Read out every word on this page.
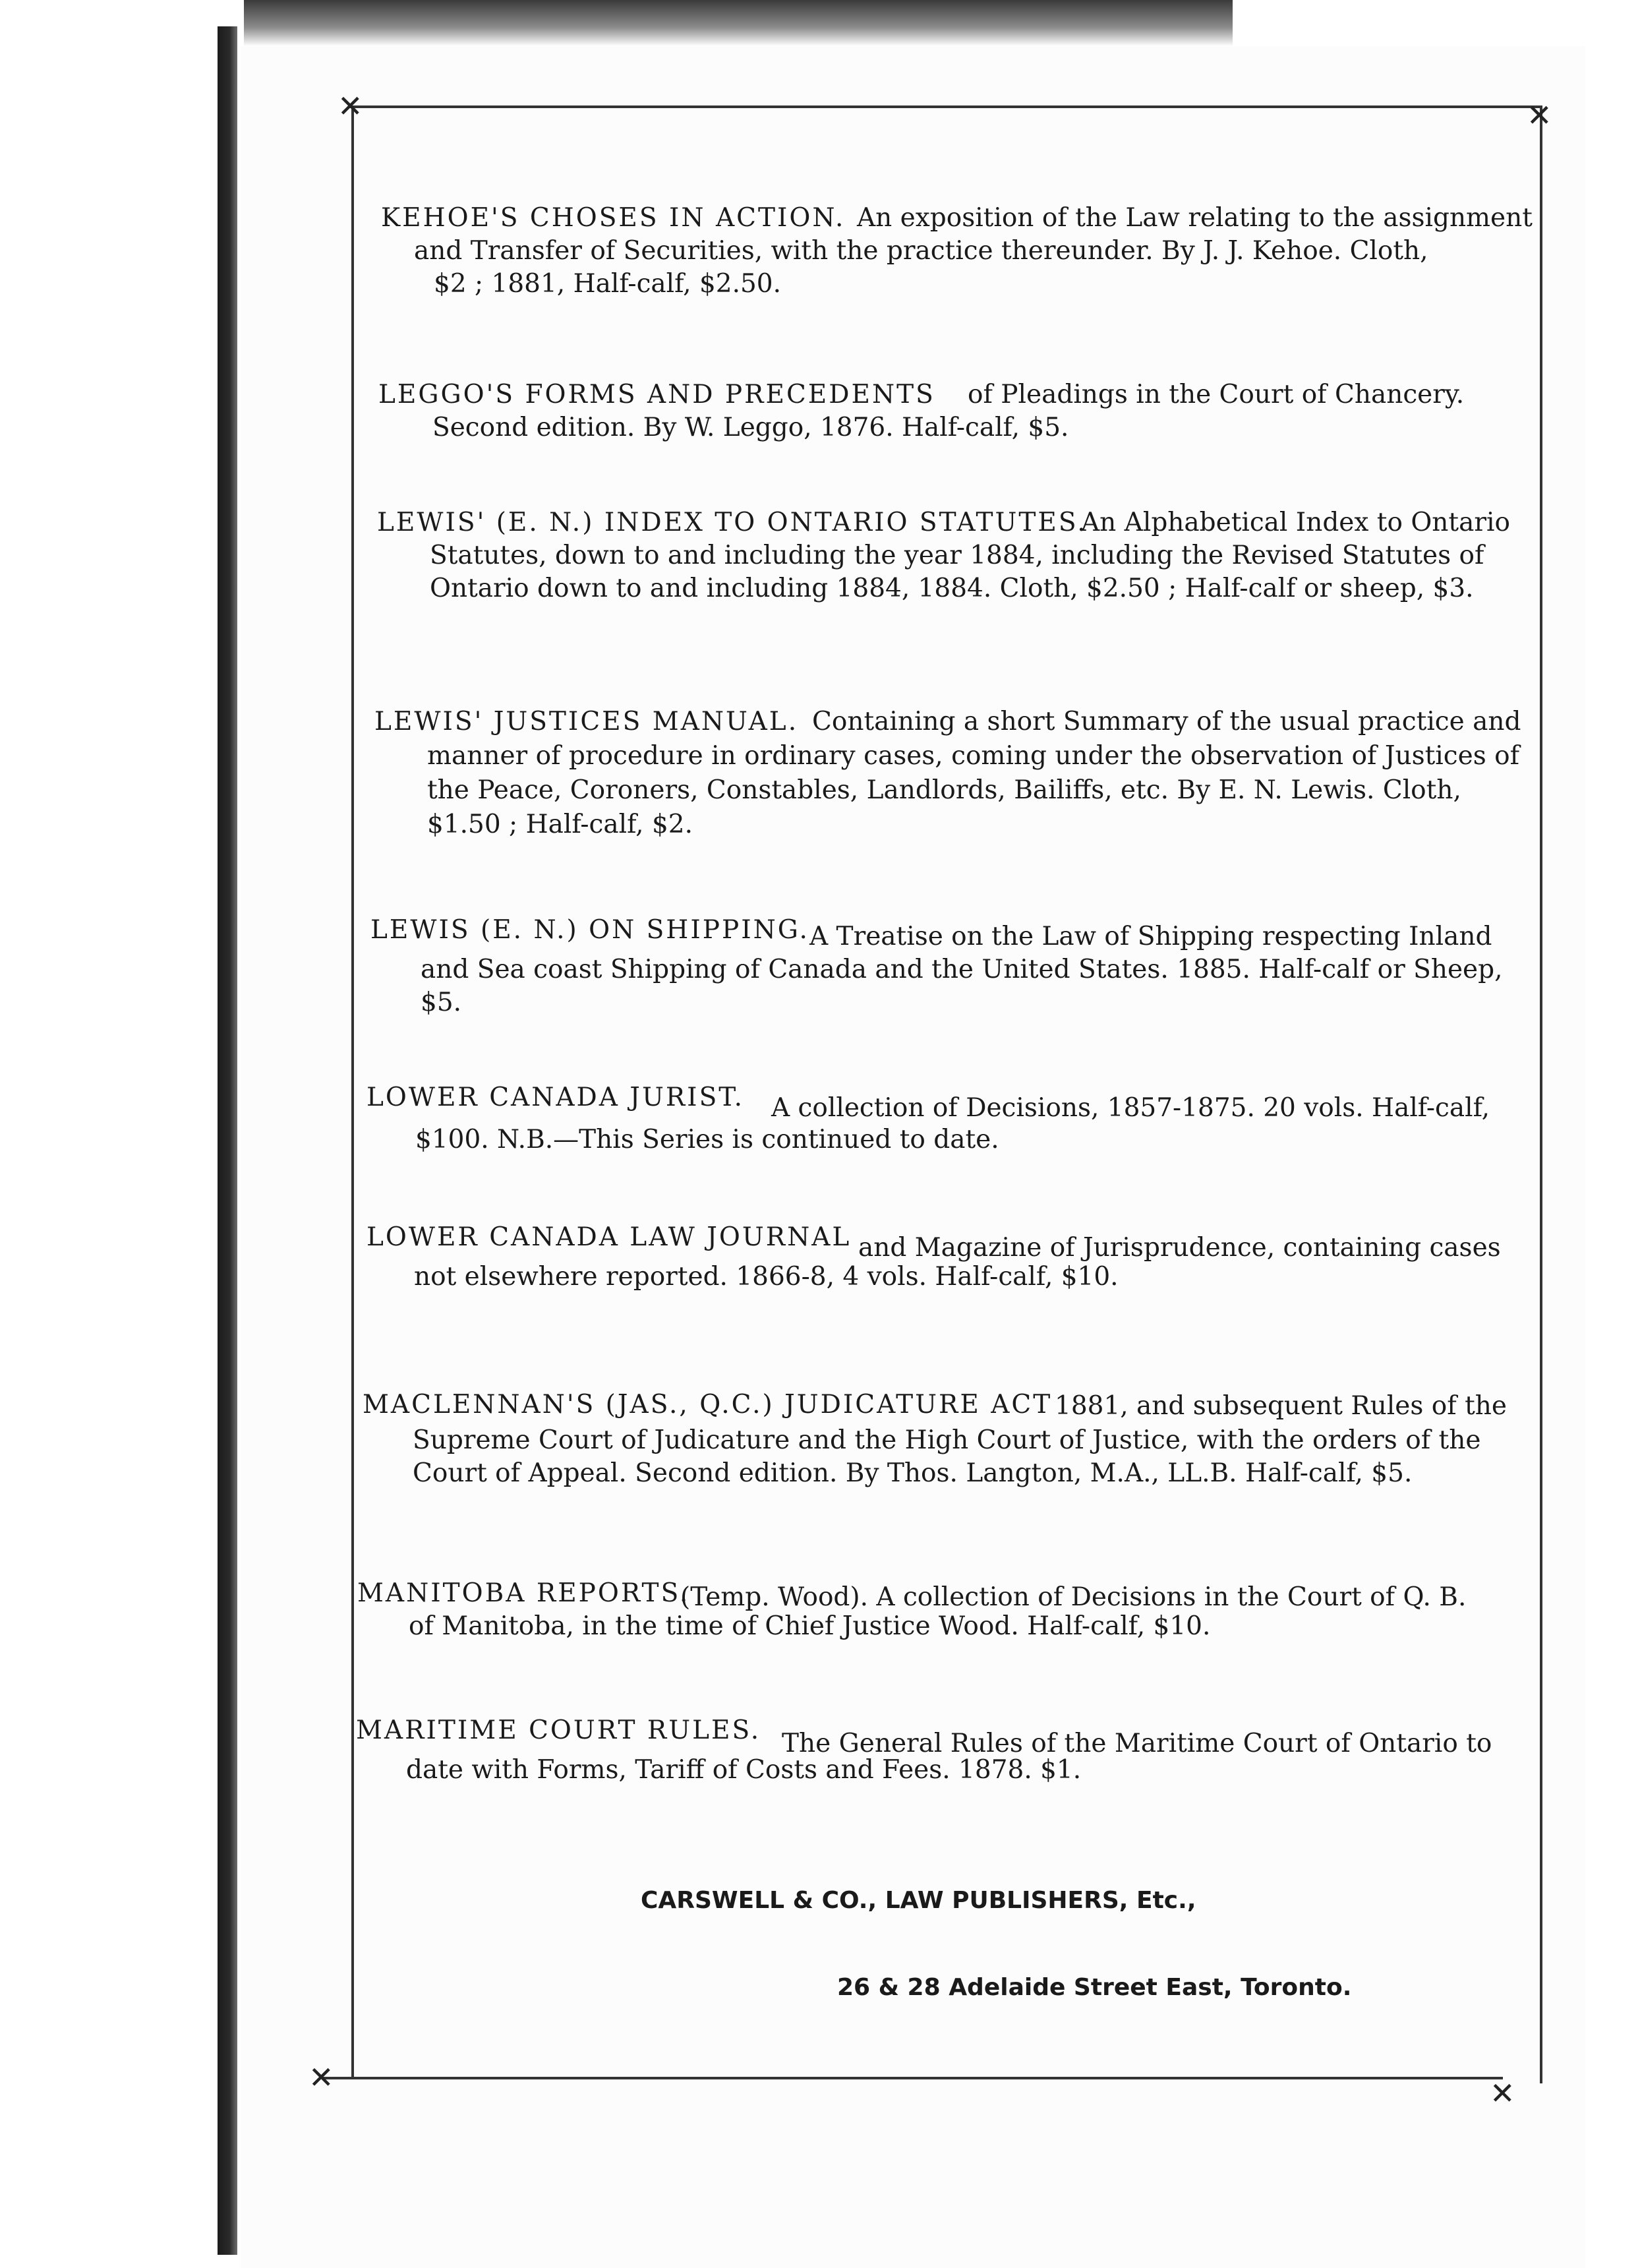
✕	✕
✕	✕
KEHOE'S CHOSES IN ACTION. An exposition of the Law relating to the assignment
and Transfer of Securities, with the practice thereunder. By J. J. Kehoe. Cloth,
$2 ; 1881, Half-calf, $2.50.
LEGGO'S FORMS AND PRECEDENTS of Pleadings in the Court of Chancery.
Second edition. By W. Leggo, 1876. Half-calf, $5.
LEWIS' (E. N.) INDEX TO ONTARIO STATUTES.
An Alphabetical Index to Ontario
Statutes, down to and including the year 1884, including the Revised Statutes of
Ontario down to and including 1884, 1884. Cloth, $2.50 ; Half-calf or sheep, $3.
LEWIS' JUSTICES MANUAL. Containing a short Summary of the usual practice and
manner of procedure in ordinary cases, coming under the observation of Justices of
the Peace, Coroners, Constables, Landlords, Bailiffs, etc. By E. N. Lewis. Cloth,
$1.50 ; Half-calf, $2.
LEWIS (E. N.) ON SHIPPING. A Treatise on the Law of Shipping respecting Inland
and Sea coast Shipping of Canada and the United States. 1885. Half-calf or Sheep,
$5.
LOWER CANADA JURIST. A collection of Decisions, 1857-1875. 20 vols. Half-calf,
$100. N.B.—This Series is continued to date.
LOWER CANADA LAW JOURNAL and Magazine of Jurisprudence, containing cases
not elsewhere reported. 1866-8, 4 vols. Half-calf, $10.
MACLENNAN'S (JAS., Q.C.) JUDICATURE ACT 1881, and subsequent Rules of the
Supreme Court of Judicature and the High Court of Justice, with the orders of the
Court of Appeal. Second edition. By Thos. Langton, M.A., LL.B. Half-calf, $5.
MANITOBA REPORTS.
(Temp. Wood). A collection of Decisions in the Court of Q. B.
of Manitoba, in the time of Chief Justice Wood. Half-calf, $10.
MARITIME COURT RULES. The General Rules of the Maritime Court of Ontario to
date with Forms, Tariff of Costs and Fees. 1878. $1.
CARSWELL & CO., LAW PUBLISHERS, Etc.,
26 & 28 Adelaide Street East, Toronto.
